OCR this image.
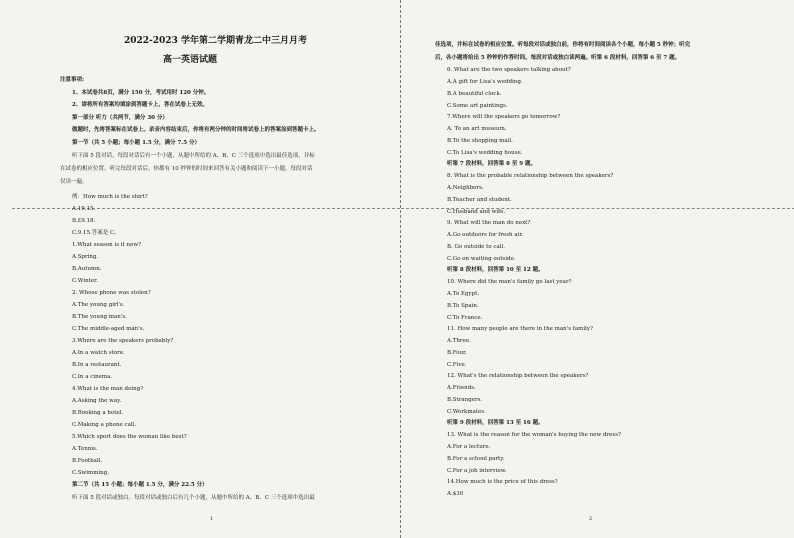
2022-2023 学年第二学期青龙二中三月月考
高一英语试题
注意事项:
1、本试卷共8页，满分 150 分，考试用时 120 分钟。
2、请将所有答案均填涂到答题卡上，答在试卷上无效。
第一部分 听力（共两节，满分 30 分）
做题时，先将答案标在试卷上。录音内容结束后，你将有两分钟的时间将试卷上的答案涂到答题卡上。
第一节（共 5 小题；每小题 1.5 分，满分 7.5 分）
听下面 5 段对话。每段对话后有一个小题，从题中所给的 A、B、C 三个选项中选出最佳选项，并标
在试卷的相应位置。听完每段对话后，你都有 10 秒钟的时间来回答有关小题和阅读下一小题。每段对话
仅读一遍。
例：How much is the shirt?
A.19.15.
B.£9.18.
C.9.15.答案是 C。
1.What season is it now?
A.Spring.
B.Autumn.
C.Winter.
2. Whose phone was stolen?
A.The young girl's.
B.The young man's.
C.The middle-aged man's.
3.Where are the speakers probably?
A.In a watch store.
B.In a restaurant.
C.In a cinema.
4.What is the man doing?
A.Asking the way.
B.Booking a hotel.
C.Making a phone call.
5.Which sport does the woman like best?
A.Tennis.
B.Football.
C.Swimming.
第二节（共 15 小题；每小题 1.5 分，满分 22.5 分）
听下面 5 段对话或独白。每段对话或独白后有几个小题，从题中所给的 A、B、C 三个选项中选出最
1
佳选项，并标在试卷的相应位置。听每段对话或独白前，你将有时间阅读各个小题，每小题 5 秒钟；听完
后，各小题将给出 5 秒钟的作答时间。每段对话或独白读两遍。听第 6 段材料，回答第 6 至 7 题。
6. What are the two speakers talking about?
A.A gift for Lisa's wedding.
B.A beautiful clock.
C.Some art paintings.
7.Where will the speakers go tomorrow?
A. To an art museum.
B.To the shopping mall.
C.To Lisa's wedding house.
听第 7 段材料，回答第 8 至 9 题。
8. What is the probable relationship between the speakers?
A.Neighbors.
B.Teacher and student.
C.Husband and wife.
9. What will the man do next?
A.Go outdoors for fresh air.
B. Go outside to call.
C.Go on waiting outside.
听第 8 段材料，回答第 10 至 12 题。
10. Where did the man's family go last year?
A.To Egypt.
B.To Spain.
C.To France.
11. How many people are there in the man's family?
A.Three.
B.Four.
C.Five.
12. What's the relationship between the speakers?
A.Friends.
B.Strangers.
C.Workmates.
听第 9 段材料，回答第 13 至 16 题。
13. What is the reason for the woman's buying the new dress?
A.For a lecture.
B.For a school party.
C.For a job interview.
14.How much is the price of this dress?
A.$30
2
